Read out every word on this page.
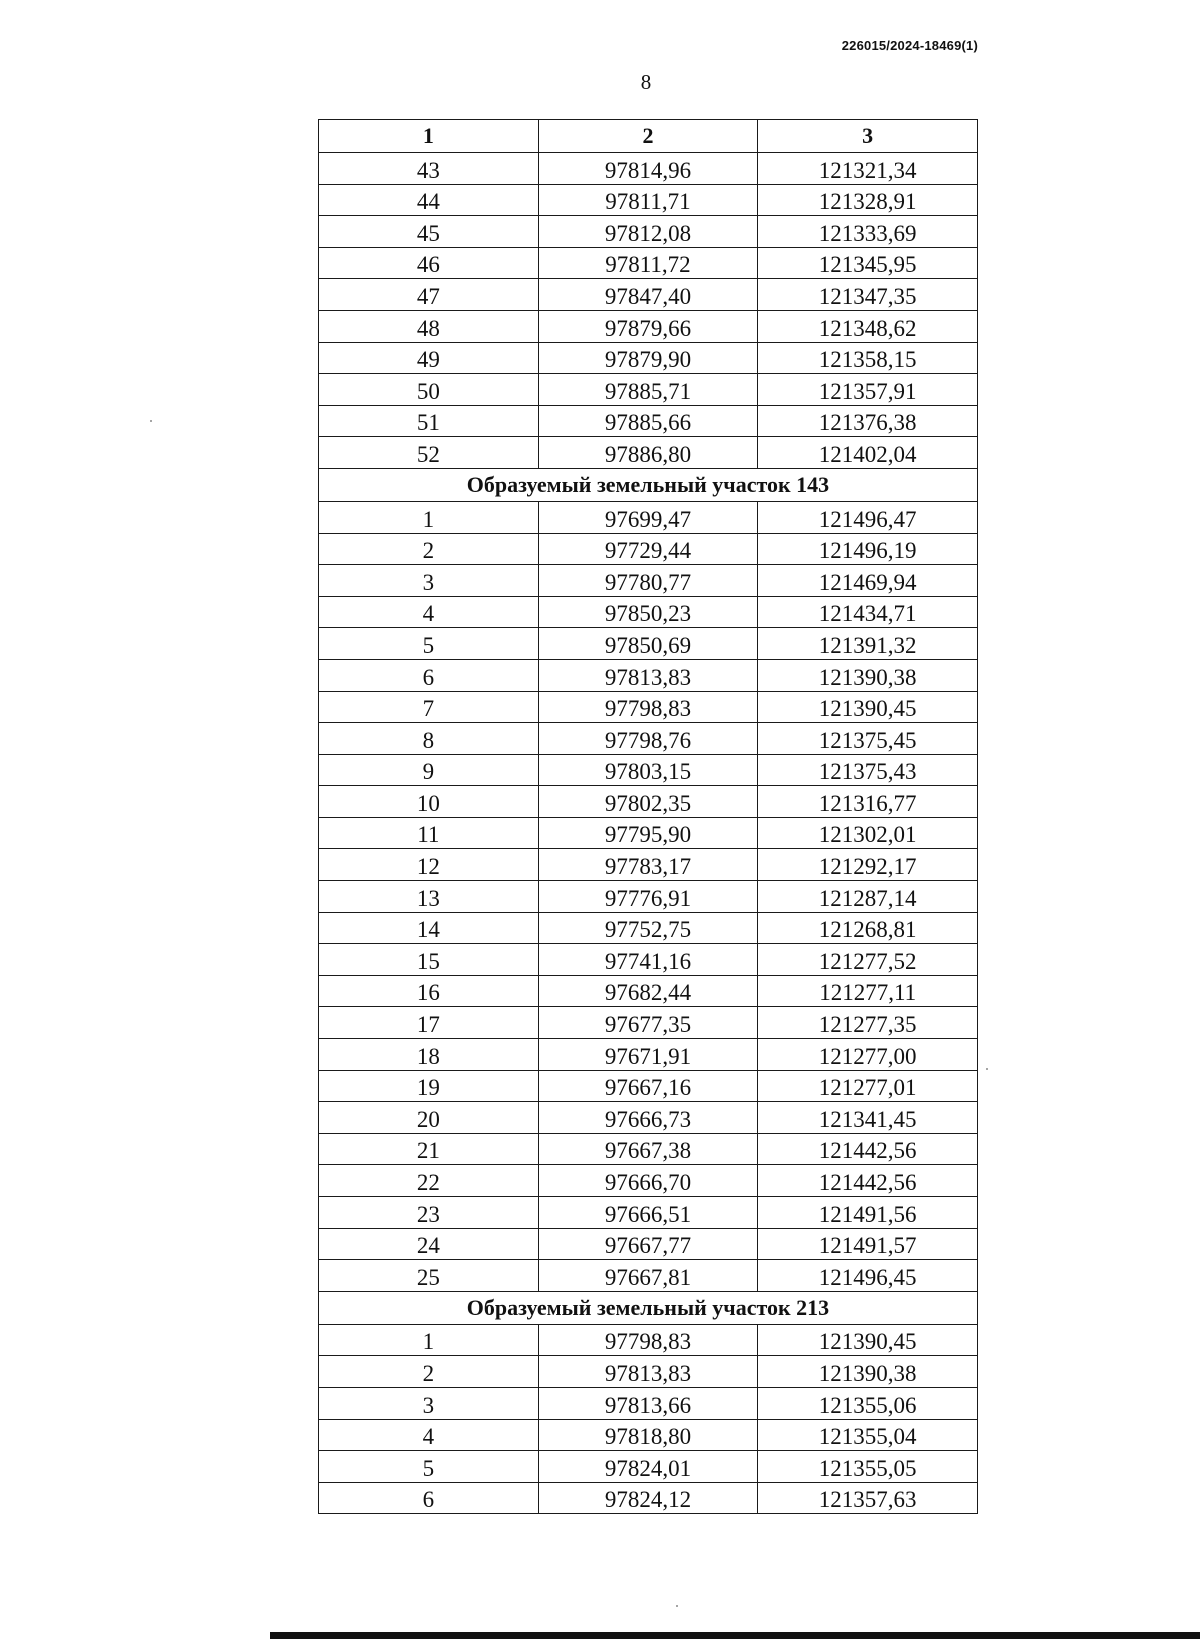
226015/2024-18469(1)
8
1	2	3
43	97814,96	121321,34
44	97811,71	121328,91
45	97812,08	121333,69
46	97811,72	121345,95
47	97847,40	121347,35
48	97879,66	121348,62
49	97879,90	121358,15
50	97885,71	121357,91
51	97885,66	121376,38
52	97886,80	121402,04
Образуемый земельный участок 143		
1	97699,47	121496,47
2	97729,44	121496,19
3	97780,77	121469,94
4	97850,23	121434,71
5	97850,69	121391,32
6	97813,83	121390,38
7	97798,83	121390,45
8	97798,76	121375,45
9	97803,15	121375,43
10	97802,35	121316,77
11	97795,90	121302,01
12	97783,17	121292,17
13	97776,91	121287,14
14	97752,75	121268,81
15	97741,16	121277,52
16	97682,44	121277,11
17	97677,35	121277,35
18	97671,91	121277,00
19	97667,16	121277,01
20	97666,73	121341,45
21	97667,38	121442,56
22	97666,70	121442,56
23	97666,51	121491,56
24	97667,77	121491,57
25	97667,81	121496,45
Образуемый земельный участок 213		
1	97798,83	121390,45
2	97813,83	121390,38
3	97813,66	121355,06
4	97818,80	121355,04
5	97824,01	121355,05
6	97824,12	121357,63
